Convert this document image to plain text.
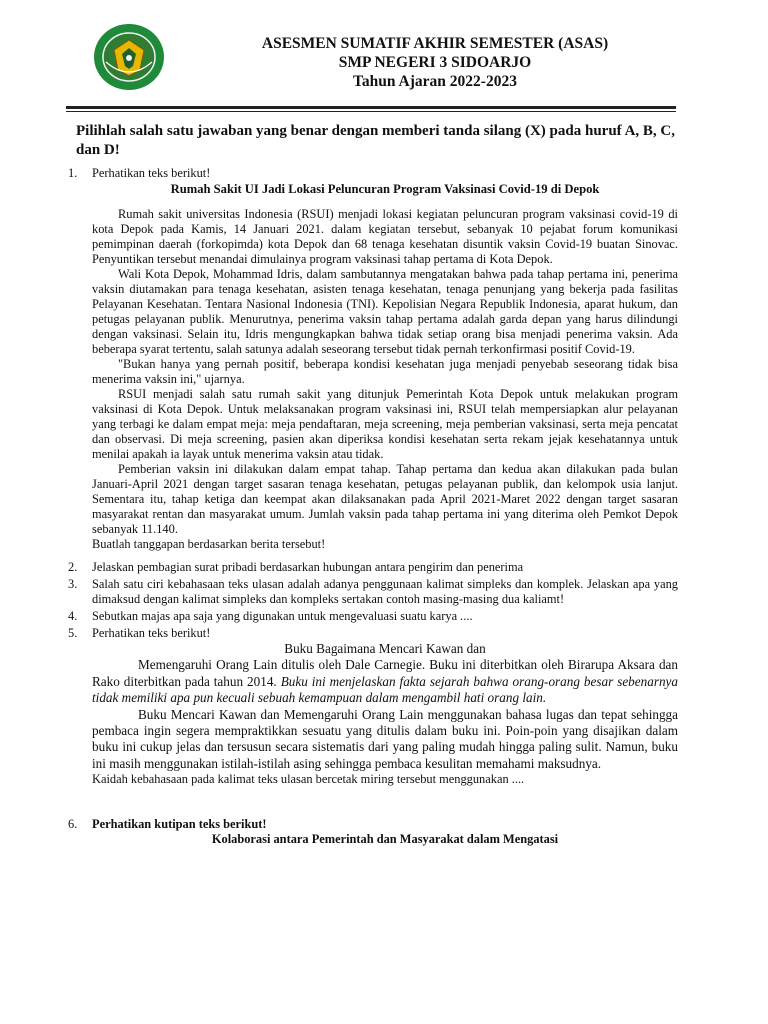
ASESMEN SUMATIF AKHIR SEMESTER (ASAS)
SMP NEGERI 3 SIDOARJO
Tahun Ajaran 2022-2023
Pilihlah salah satu jawaban yang benar dengan memberi tanda silang (X) pada huruf A, B, C, dan D!
1. Perhatikan teks berikut!
Rumah Sakit UI Jadi Lokasi Peluncuran Program Vaksinasi Covid-19 di Depok

Rumah sakit universitas Indonesia (RSUI) menjadi lokasi kegiatan peluncuran program vaksinasi covid-19 di kota Depok pada Kamis, 14 Januari 2021. dalam kegiatan tersebut, sebanyak 10 pejabat forum komunikasi pemimpinan daerah (forkopimda) kota Depok dan 68 tenaga kesehatan disuntik vaksin Covid-19 buatan Sinovac. Penyuntikan tersebut menandai dimulainya program vaksinasi tahap pertama di Kota Depok.

Wali Kota Depok, Mohammad Idris, dalam sambutannya mengatakan bahwa pada tahap pertama ini, penerima vaksin diutamakan para tenaga kesehatan, asisten tenaga kesehatan, tenaga penunjang yang bekerja pada fasilitas Pelayanan Kesehatan. Tentara Nasional Indonesia (TNI). Kepolisian Negara Republik Indonesia, aparat hukum, dan petugas pelayanan publik. Menurutnya, penerima vaksin tahap pertama adalah garda depan yang harus dilindungi dengan vaksinasi. Selain itu, Idris mengungkapkan bahwa tidak setiap orang bisa menjadi penerima vaksin. Ada beberapa syarat tertentu, salah satunya adalah seseorang tersebut tidak pernah terkonfirmasi positif Covid-19.

"Bukan hanya yang pernah positif, beberapa kondisi kesehatan juga menjadi penyebab seseorang tidak bisa menerima vaksin ini," ujarnya.

RSUI menjadi salah satu rumah sakit yang ditunjuk Pemerintah Kota Depok untuk melakukan program vaksinasi di Kota Depok. Untuk melaksanakan program vaksinasi ini, RSUI telah mempersiapkan alur pelayanan yang terbagi ke dalam empat meja: meja pendaftaran, meja screening, meja pemberian vaksinasi, serta meja pencatat dan observasi. Di meja screening, pasien akan diperiksa kondisi kesehatan serta rekam jejak kesehatannya untuk menilai apakah ia layak untuk menerima vaksin atau tidak.

Pemberian vaksin ini dilakukan dalam empat tahap. Tahap pertama dan kedua akan dilakukan pada bulan Januari-April 2021 dengan target sasaran tenaga kesehatan, petugas pelayanan publik, dan kelompok usia lanjut. Sementara itu, tahap ketiga dan keempat akan dilaksanakan pada April 2021-Maret 2022 dengan target sasaran masyarakat rentan dan masyarakat umum. Jumlah vaksin pada tahap pertama ini yang diterima oleh Pemkot Depok sebanyak 11.140.

Buatlah tanggapan berdasarkan berita tersebut!
2. Jelaskan pembagian surat pribadi berdasarkan hubungan antara pengirim dan penerima
3. Salah satu ciri kebahasaan teks ulasan adalah adanya penggunaan kalimat simpleks dan komplek. Jelaskan apa yang dimaksud dengan kalimat simpleks dan kompleks sertakan contoh masing-masing dua kaliamt!
4. Sebutkan majas apa saja yang digunakan untuk mengevaluasi suatu karya ....
5. Perhatikan teks berikut!
Buku Bagaimana Mencari Kawan dan

Memengaruhi Orang Lain ditulis oleh Dale Carnegie. Buku ini diterbitkan oleh Birarupa Aksara dan Rako diterbitkan pada tahun 2014. Buku ini menjelaskan fakta sejarah bahwa orang-orang besar sebenarnya tidak memiliki apa pun kecuali sebuah kemampuan dalam mengambil hati orang lain.

Buku Mencari Kawan dan Memengaruhi Orang Lain menggunakan bahasa lugas dan tepat sehingga pembaca ingin segera mempraktikkan sesuatu yang ditulis dalam buku ini. Poin-poin yang disajikan dalam buku ini cukup jelas dan tersusun secara sistematis dari yang paling mudah hingga paling sulit. Namun, buku ini masih menggunakan istilah-istilah asing sehingga pembaca kesulitan memahami maksudnya.

Kaidah kebahasaan pada kalimat teks ulasan bercetak miring tersebut menggunakan ....
6. Perhatikan kutipan teks berikut!
Kolaborasi antara Pemerintah dan Masyarakat dalam Mengatasi
